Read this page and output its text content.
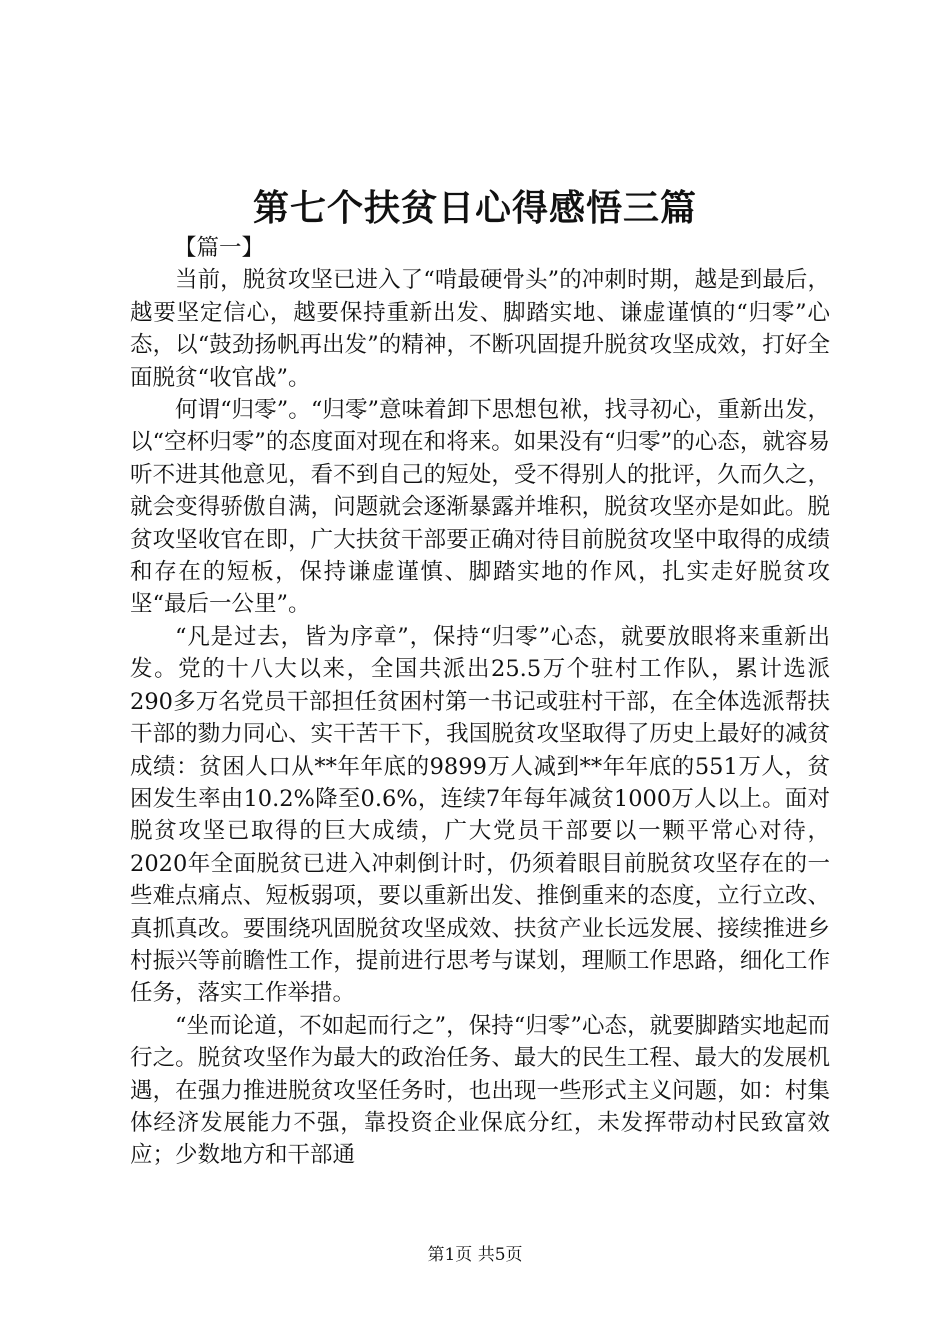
第七个扶贫日心得感悟三篇

【篇一】

当前，脱贫攻坚已进入了“啃最硬骨头”的冲刺时期，越是到最后，越要坚定信心，越要保持重新出发、脚踏实地、谦虚谨慎的“归零”心态，以“鼓劲扬帆再出发”的精神，不断巩固提升脱贫攻坚成效，打好全面脱贫“收官战”。

何谓“归零”。“归零”意味着卸下思想包袱，找寻初心，重新出发，以“空杯归零”的态度面对现在和将来。如果没有“归零”的心态，就容易听不进其他意见，看不到自己的短处，受不得别人的批评，久而久之，就会变得骄傲自满，问题就会逐渐暴露并堆积，脱贫攻坚亦是如此。脱贫攻坚收官在即，广大扶贫干部要正确对待目前脱贫攻坚中取得的成绩和存在的短板，保持谦虚谨慎、脚踏实地的作风，扎实走好脱贫攻坚“最后一公里”。

“凡是过去，皆为序章”，保持“归零”心态，就要放眼将来重新出发。党的十八大以来，全国共派出25.5万个驻村工作队，累计选派290多万名党员干部担任贫困村第一书记或驻村干部，在全体选派帮扶干部的勠力同心、实干苦干下，我国脱贫攻坚取得了历史上最好的减贫成绩：贫困人口从**年年底的9899万人减到**年年底的551万人，贫困发生率由10.2%降至0.6%，连续7年每年减贫1000万人以上。面对脱贫攻坚已取得的巨大成绩，广大党员干部要以一颗平常心对待，2020年全面脱贫已进入冲刺倒计时，仍须着眼目前脱贫攻坚存在的一些难点痛点、短板弱项，要以重新出发、推倒重来的态度，立行立改、真抓真改。要围绕巩固脱贫攻坚成效、扶贫产业长远发展、接续推进乡村振兴等前瞻性工作，提前进行思考与谋划，理顺工作思路，细化工作任务，落实工作举措。

“坐而论道，不如起而行之”，保持“归零”心态，就要脚踏实地起而行之。脱贫攻坚作为最大的政治任务、最大的民生工程、最大的发展机遇，在强力推进脱贫攻坚任务时，也出现一些形式主义问题，如：村集体经济发展能力不强，靠投资企业保底分红，未发挥带动村民致富效应；少数地方和干部通

第1页 共5页
